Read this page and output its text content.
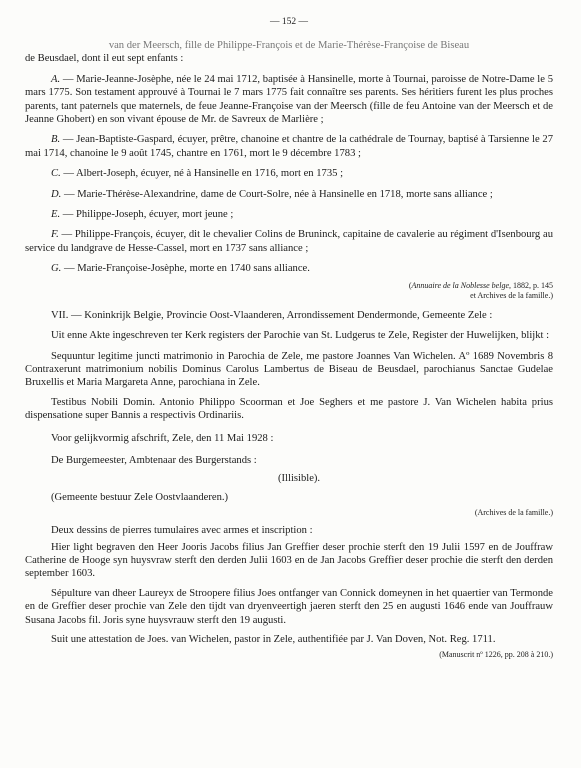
— 152 —

van der Meersch, fille de Philippe-François et de Marie-Thérèse-Françoise de Biseau

de Beusdael, dont il eut sept enfants :

A. — Marie-Jeanne-Josèphe, née le 24 mai 1712, baptisée à Hansinelle, morte à Tournai, paroisse de Notre-Dame le 5 mars 1775. Son testament approuvé à Tournai le 7 mars 1775 fait connaître ses parents. Ses héritiers furent les plus proches parents, tant paternels que maternels, de feue Jeanne-Françoise van der Meersch (fille de feu Antoine van der Meersch et de Jeanne Ghobert) en son vivant épouse de Mr. de Savreux de Marlière ;

B. — Jean-Baptiste-Gaspard, écuyer, prêtre, chanoine et chantre de la cathédrale de Tournay, baptisé à Tarsienne le 27 mai 1714, chanoine le 9 août 1745, chantre en 1761, mort le 9 décembre 1783 ;

C. — Albert-Joseph, écuyer, né à Hansinelle en 1716, mort en 1735 ;

D. — Marie-Thérèse-Alexandrine, dame de Court-Solre, née à Hansinelle en 1718, morte sans alliance ;

E. — Philippe-Joseph, écuyer, mort jeune ;

F. — Philippe-François, écuyer, dit le chevalier Colins de Bruninck, capitaine de cavalerie au régiment d'Isenbourg au service du landgrave de Hesse-Cassel, mort en 1737 sans alliance ;

G. — Marie-Françoise-Josèphe, morte en 1740 sans alliance.

(Annuaire de la Noblesse belge, 1882, p. 145

et Archives de la famille.)

VII. — Koninkrijk Belgie, Provincie Oost-Vlaanderen, Arrondissement Dendermonde, Gemeente Zele :

Uit enne Akte ingeschreven ter Kerk registers der Parochie van St. Ludgerus te Zele, Register der Huwelijken, blijkt :

Sequuntur legitime juncti matrimonio in Parochia de Zele, me pastore Joannes Van Wichelen. Aº 1689 Novembris 8 Contraxerunt matrimonium nobilis Dominus Carolus Lambertus de Biseau de Beusdael, parochianus Sanctae Gudelae Bruxellis et Maria Margareta Anne, parochiana in Zele.

Testibus Nobili Domin. Antonio Philippo Scoorman et Joe Seghers et me pastore J. Van Wichelen habita prius dispensatione super Bannis a respectivis Ordinariis.

Voor gelijkvormig afschrift, Zele, den 11 Mai 1928 :

De Burgemeester, Ambtenaar des Burgerstands :

(Illisible).

(Gemeente bestuur Zele Oostvlaanderen.)

(Archives de la famille.)

Deux dessins de pierres tumulaires avec armes et inscription :

Hier light begraven den Heer Jooris Jacobs filius Jan Greffier deser prochie sterft den 19 Julii 1597 en de Jouffraw Catherine de Hooge syn huysvraw sterft den derden Julii 1603 en de Jan Jacobs Greffier deser prochie die sterft den derden september 1603.

Sépulture van dheer Laureyx de Stroopere filius Joes ontfanger van Connick domeynen in het quaertier van Termonde en de Greffier deser prochie van Zele den tijdt van dryenveertigh jaeren sterft den 25 en augusti 1646 ende van Jouffrauw Susana Jacobs fil. Joris syne huysvrauw sterft den 19 augusti.

Suit une attestation de Joes. van Wichelen, pastor in Zele, authentifiée par J. Van Doven, Not. Reg. 1711.

(Manuscrit nº 1226, pp. 208 à 210.)
